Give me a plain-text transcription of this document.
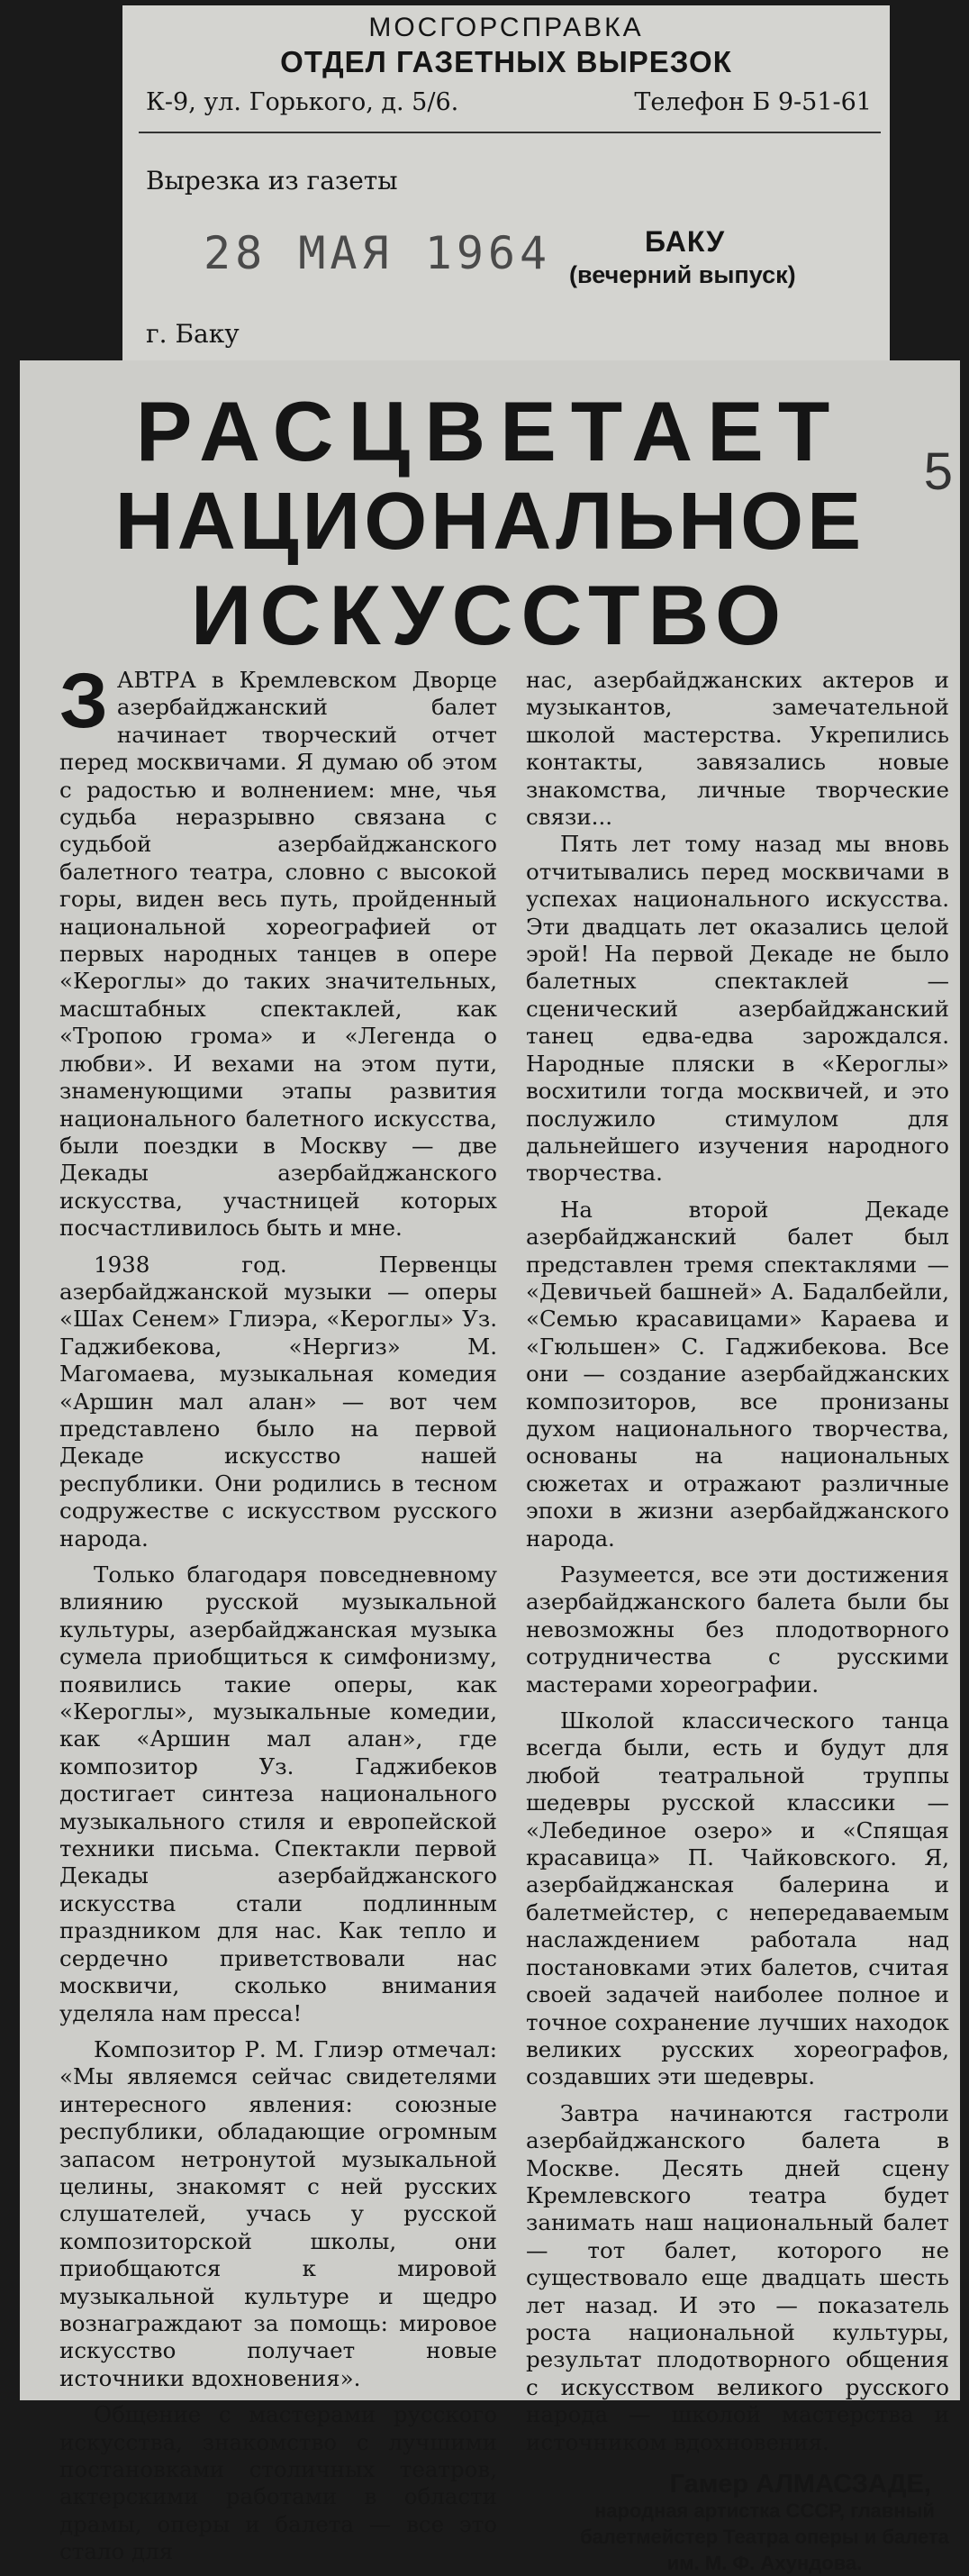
МОСГОРСПРАВКА
ОТДЕЛ ГАЗЕТНЫХ ВЫРЕЗОК
К-9, ул. Горького, д. 5/6.	Телефон Б 9-51-61
Вырезка из газеты
28 МАЯ 1964	БАКУ
(вечерний выпуск)
г. Баку
5
РАСЦВЕТАЕТ
НАЦИОНАЛЬНОЕ
ИСКУССТВО

ЗАВТРА в Кремлевском Дворце азербайджанский балет начинает творческий отчет перед москвичами. Я думаю об этом с радостью и волнением: мне, чья судьба неразрывно связана с судьбой азербайджанского балетного театра, словно с высокой горы, виден весь путь, пройденный национальной хореографией от первых народных танцев в опере «Кероглы» до таких значительных, масштабных спектаклей, как «Тропою грома» и «Легенда о любви». И вехами на этом пути, знаменующими этапы развития национального балетного искусства, были поездки в Москву — две Декады азербайджанского искусства, участницей которых посчастливилось быть и мне.

1938 год. Первенцы азербайджанской музыки — оперы «Шах Сенем» Глиэра, «Кероглы» Уз. Гаджибекова, «Нергиз» М. Магомаева, музыкальная комедия «Аршин мал алан» — вот чем представлено было на первой Декаде искусство нашей республики. Они родились в тесном содружестве с искусством русского народа.

Только благодаря повседневному влиянию русской музыкальной культуры, азербайджанская музыка сумела приобщиться к симфонизму, появились такие оперы, как «Кероглы», музыкальные комедии, как «Аршин мал алан», где композитор Уз. Гаджибеков достигает синтеза национального музыкального стиля и европейской техники письма. Спектакли первой Декады азербайджанского искусства стали подлинным праздником для нас. Как тепло и сердечно приветствовали нас москвичи, сколько внимания уделяла нам пресса!

Композитор Р. М. Глиэр отмечал: «Мы являемся сейчас свидетелями интересного явления: союзные республики, обладающие огромным запасом нетронутой музыкальной целины, знакомят с ней русских слушателей, учась у русской композиторской школы, они приобщаются к мировой музыкальной культуре и щедро вознаграждают за помощь: мировое искусство получает новые источники вдохновения».

Общение с мастерами русского искусства, знакомство с лучшими постановками столичных театров, актерскими работами в области драмы, оперы и балета — все это стало для

нас, азербайджанских актеров и музыкантов, замечательной школой мастерства. Укрепились контакты, завязались новые знакомства, личные творческие связи...

Пять лет тому назад мы вновь отчитывались перед москвичами в успехах национального искусства. Эти двадцать лет оказались целой эрой! На первой Декаде не было балетных спектаклей — сценический азербайджанский танец едва-едва зарождался. Народные пляски в «Кероглы» восхитили тогда москвичей, и это послужило стимулом для дальнейшего изучения народного творчества.

На второй Декаде азербайджанский балет был представлен тремя спектаклями — «Девичьей башней» А. Бадалбейли, «Семью красавицами» Караева и «Гюльшен» С. Гаджибекова. Все они — создание азербайджанских композиторов, все пронизаны духом национального творчества, основаны на национальных сюжетах и отражают различные эпохи в жизни азербайджанского народа.

Разумеется, все эти достижения азербайджанского балета были бы невозможны без плодотворного сотрудничества с русскими мастерами хореографии.

Школой классического танца всегда были, есть и будут для любой театральной труппы шедевры русской классики — «Лебединое озеро» и «Спящая красавица» П. Чайковского. Я, азербайджанская балерина и балетмейстер, с непередаваемым наслаждением работала над постановками этих балетов, считая своей задачей наиболее полное и точное сохранение лучших находок великих русских хореографов, создавших эти шедевры.

Завтра начинаются гастроли азербайджанского балета в Москве. Десять дней сцену Кремлевского театра будет занимать наш национальный балет — тот балет, которого не существовало еще двадцать шесть лет назад. И это — показатель роста национальной культуры, результат плодотворного общения с искусством великого русского народа — школой мастерства и источником вдохновения.

Гамер АЛМАСЗАДЕ,
народная артистка СССР, главный балетмейстер Театра оперы и балета им. М. Ф. Ахундова.
